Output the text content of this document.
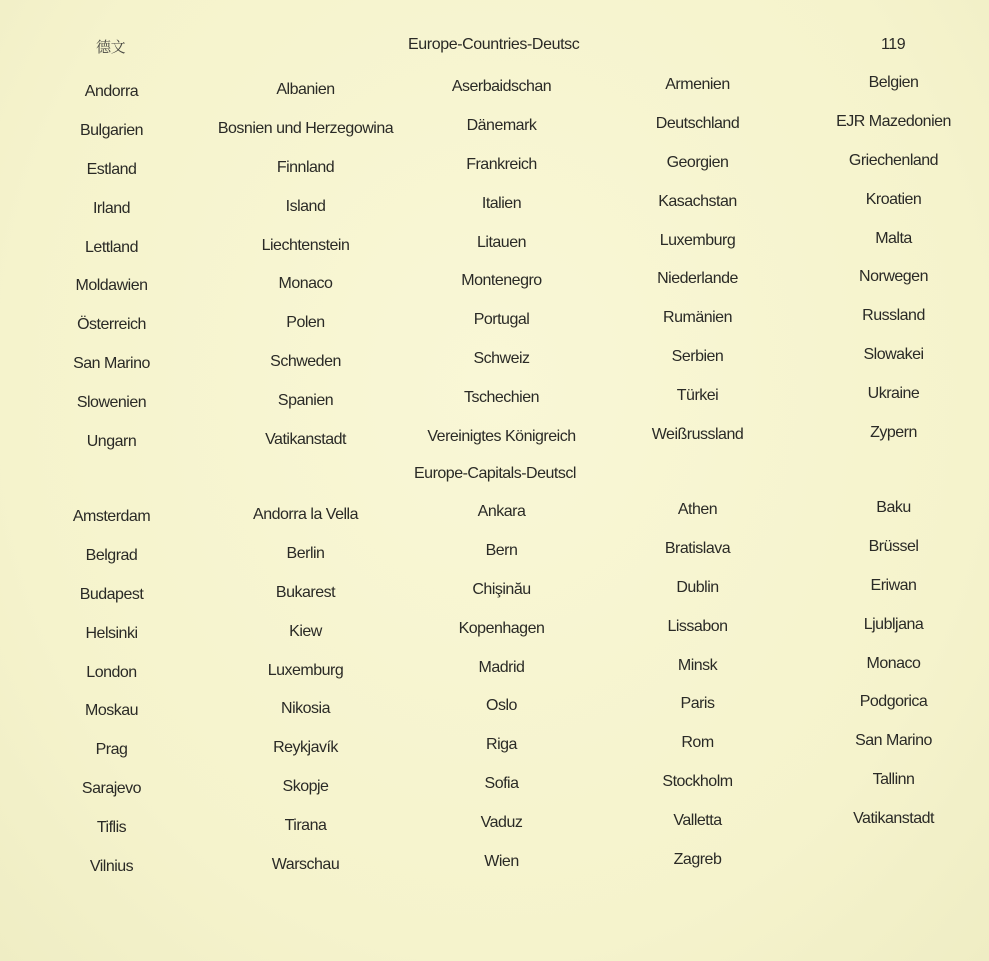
德文	Europe-Countries-Deutsc	119
Andorra	Albanien	Aserbaidschan	Armenien	Belgien
Bulgarien	Bosnien und Herzegowina	Dänemark	Deutschland	EJR Mazedonien
Estland	Finnland	Frankreich	Georgien	Griechenland
Irland	Island	Italien	Kasachstan	Kroatien
Lettland	Liechtenstein	Litauen	Luxemburg	Malta
Moldawien	Monaco	Montenegro	Niederlande	Norwegen
Österreich	Polen	Portugal	Rumänien	Russland
San Marino	Schweden	Schweiz	Serbien	Slowakei
Slowenien	Spanien	Tschechien	Türkei	Ukraine
Ungarn	Vatikanstadt	Vereinigtes Königreich	Weißrussland	Zypern
Europe-Capitals-Deutscl
Amsterdam	Andorra la Vella	Ankara	Athen	Baku
Belgrad	Berlin	Bern	Bratislava	Brüssel
Budapest	Bukarest	Chişinău	Dublin	Eriwan
Helsinki	Kiew	Kopenhagen	Lissabon	Ljubljana
London	Luxemburg	Madrid	Minsk	Monaco
Moskau	Nikosia	Oslo	Paris	Podgorica
Prag	Reykjavík	Riga	Rom	San Marino
Sarajevo	Skopje	Sofia	Stockholm	Tallinn
Tiflis	Tirana	Vaduz	Valletta	Vatikanstadt
Vilnius	Warschau	Wien	Zagreb
